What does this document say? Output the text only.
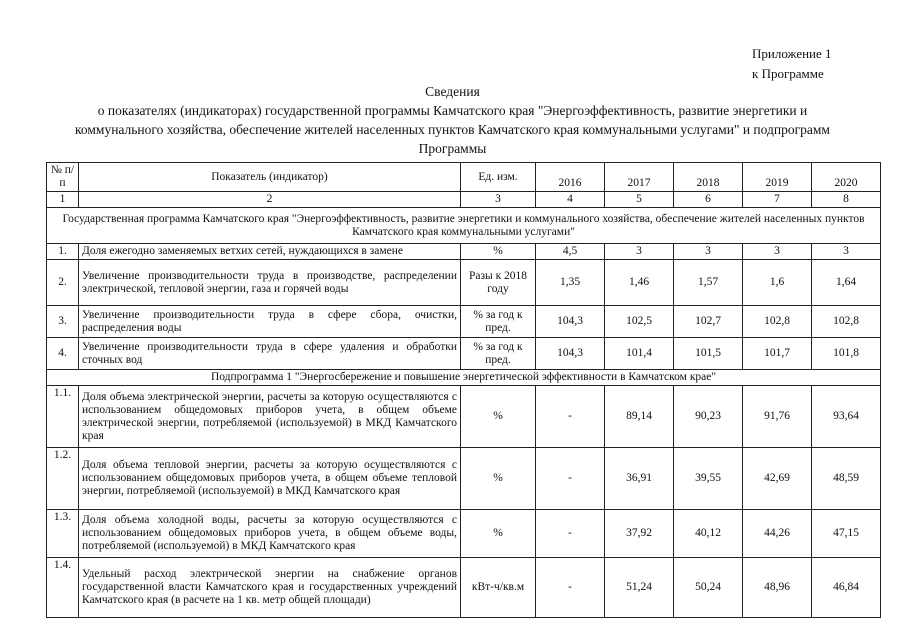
Приложение 1
к Программе
Сведения
о показателях (индикаторах) государственной программы Камчатского края "Энергоэффективность, развитие энергетики и
коммунального хозяйства, обеспечение жителей населенных пунктов Камчатского края коммунальными услугами" и подпрограмм
Программы
№ п/п	Показатель (индикатор)	Ед. изм.	2016	2017	2018	2019	2020
1	2	3	4	5	6	7	8
Государственная программа Камчатского края "Энергоэффективность, развитие энергетики и коммунального хозяйства, обеспечение жителей населенных пунктов Камчатского края коммунальными услугами"							
1.	Доля ежегодно заменяемых ветхих сетей, нуждающихся в замене	%	4,5	3	3	3	3
2.	Увеличение производительности труда в производстве, распределении электрической, тепловой энергии, газа и горячей воды	Разы к 2018 году	1,35	1,46	1,57	1,6	1,64
3.	Увеличение производительности труда в сфере сбора, очистки, распределения воды	% за год к пред.	104,3	102,5	102,7	102,8	102,8
4.	Увеличение производительности труда в сфере удаления и обработки сточных вод	% за год к пред.	104,3	101,4	101,5	101,7	101,8
Подпрограмма 1 "Энергосбережение и повышение энергетической эффективности в Камчатском крае"							
1.1.	Доля объема электрической энергии, расчеты за которую осуществляются с использованием общедомовых приборов учета, в общем объеме электрической энергии, потребляемой (используемой) в МКД Камчатского края	%	-	89,14	90,23	91,76	93,64
1.2.	Доля объема тепловой энергии, расчеты за которую осуществляются с использованием общедомовых приборов учета, в общем объеме тепловой энергии, потребляемой (используемой) в МКД Камчатского края	%	-	36,91	39,55	42,69	48,59
1.3.	Доля объема холодной воды, расчеты за которую осуществляются с использованием общедомовых приборов учета, в общем объеме воды, потребляемой (используемой) в МКД Камчатского края	%	-	37,92	40,12	44,26	47,15
1.4.	Удельный расход электрической энергии на снабжение органов государственной власти Камчатского края и государственных учреждений Камчатского края (в расчете на 1 кв. метр общей площади)	кВт-ч/кв.м	-	51,24	50,24	48,96	46,84
